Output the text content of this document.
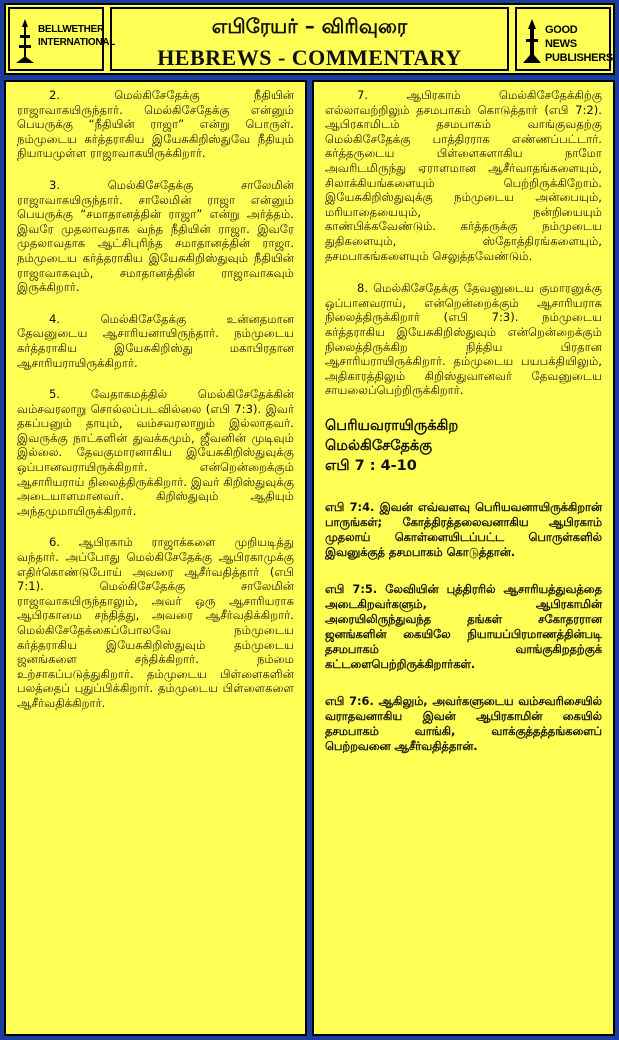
BELLWETHER
INTERNATIONAL
எபிரேயர் – விரிவுரை
HEBREWS - COMMENTARY
GOOD NEWS
PUBLISHERS

2. மெல்கிசேதேக்கு நீதியின் ராஜாவாகயிருந்தார். மெல்கிசேதேக்கு என்னும் பெயருக்கு “நீதியின் ராஜா” என்று பொருள். நம்முடைய கர்த்தராகிய இயேசுகிறிஸ்துவே நீதியும் நியாயமுள்ள ராஜாவாகயிருக்கிறார்.

3. மெல்கிசேதேக்கு சாலேமின் ராஜாவாகயிருந்தார். சாலேமின் ராஜா என்னும் பெயருக்கு “சமாதானத்தின் ராஜா” என்று அர்த்தம். இவரே முதலாவதாக வந்த நீதியின் ராஜா. இவரே முதலாவதாக ஆட்சிபுரிந்த சமாதானத்தின் ராஜா. நம்முடைய கர்த்தராகிய இயேசுகிறிஸ்துவும் நீதியின் ராஜாவாகவும், சமாதானத்தின் ராஜாவாகவும் இருக்கிறார்.

4. மெல்கிசேதேக்கு உன்னதமான தேவனுடைய ஆசாரியனாயிருந்தார். நம்முடைய கர்த்தராகிய இயேசுகிறிஸ்து மகாபிரதான ஆசாரியராயிருக்கிறார்.

5. வேதாகமத்தில் மெல்கிசேதேக்கின் வம்சவரலாறு சொல்லப்படவில்லை (எபி 7:3). இவர் தகப்பனும் தாயும், வம்சவரலாறும் இல்லாதவர். இவருக்கு நாட்களின் துவக்கமும், ஜீவனின் முடிவும் இல்லை. தேவகுமாரனாகிய இயேசுகிறிஸ்துவுக்கு ஒப்பானவராயிருக்கிறார். என்றென்றைக்கும் ஆசாரியராய் நிலைத்திருக்கிறார். இவர் கிறிஸ்துவுக்கு அடையாளமானவர். கிறிஸ்துவும் ஆதியும் அந்தமுமாயிருக்கிறார்.

6. ஆபிரகாம் ராஜாக்களை முறியடித்து வந்தார். அப்போது மெல்கிசேதேக்கு ஆபிரகாமுக்கு எதிர்கொண்டுபோய் அவரை ஆசீர்வதித்தார் (எபி 7:1). மெல்கிசேதேக்கு சாலேமின் ராஜாவாகயிருந்தாலும், அவர் ஒரு ஆசாரியராக ஆபிரகாமை சந்தித்து, அவரை ஆசீர்வதிக்கிறார். மெல்கிசேதேக்கைப்போலவே நம்முடைய கர்த்தராகிய இயேசுகிறிஸ்துவும் தம்முடைய ஜனங்களை சந்திக்கிறார். நம்மை உற்சாகப்படுத்துகிறார். தம்முடைய பிள்ளைகளின் பலத்தைப் புதுப்பிக்கிறார். தம்முடைய பிள்ளைகளை ஆசீர்வதிக்கிறார்.

7. ஆபிரகாம் மெல்கிசேதேக்கிற்கு எல்லாவற்றிலும் தசமபாகம் கொடுத்தார் (எபி 7:2). ஆபிரகாமிடம் தசமபாகம் வாங்குவதற்கு மெல்கிசேதேக்கு பாத்திரராக எண்ணப்பட்டார். கர்த்தருடைய பிள்ளைகளாகிய நாமோ அவரிடமிருந்து ஏராளமான ஆசீர்வாதங்களையும், சிலாக்கியங்களையும் பெற்றிருக்கிறோம். இயேசுகிறிஸ்துவுக்கு நம்முடைய அன்பையும், மரியாதையையும், நன்றியையும் காண்பிக்கவேண்டும். கர்த்தருக்கு நம்முடைய துதிகளையும், ஸ்தோத்திரங்களையும், தசமபாகங்களையும் செலுத்தவேண்டும்.

8. மெல்கிசேதேக்கு தேவனுடைய குமாரனுக்கு ஒப்பானவராய், என்றென்றைக்கும் ஆசாரியராக நிலைத்திருக்கிறார் (எபி 7:3). நம்முடைய கர்த்தராகிய இயேசுகிறிஸ்துவும் என்றென்றைக்கும் நிலைத்திருக்கிற நித்திய பிரதான ஆசாரியராயிருக்கிறார். தம்முடைய பயபக்தியிலும், அதிகாரத்திலும் கிறிஸ்துவானவர் தேவனுடைய சாயலைப்பெற்றிருக்கிறார்.

பெரியவராயிருக்கிற
மெல்கிசேதேக்கு
எபி 7 : 4-10

எபி 7:4. இவன் எவ்வளவு பெரியவனாயிருக்கிறான் பாருங்கள்; கோத்திரத்தலைவனாகிய ஆபிரகாம் முதலாய் கொள்ளையிடப்பட்ட பொருள்களில் இவனுக்குத் தசமபாகம் கொடுத்தான்.

எபி 7:5. லேவியின் புத்திரரில் ஆசாரியத்துவத்தை அடைகிறவர்களும், ஆபிரகாமின் அரையிலிருந்துவந்த தங்கள் சகோதரரான ஜனங்களின் கையிலே நியாயப்பிரமாணத்தின்படி தசமபாகம் வாங்குகிறதற்குக் கட்டளைபெற்றிருக்கிறார்கள்.

எபி 7:6. ஆகிலும், அவர்களுடைய வம்சவரிசையில் வராதவனாகிய இவன் ஆபிரகாமின் கையில் தசமபாகம் வாங்கி, வாக்குத்தத்தங்களைப் பெற்றவனை ஆசீர்வதித்தான்.
